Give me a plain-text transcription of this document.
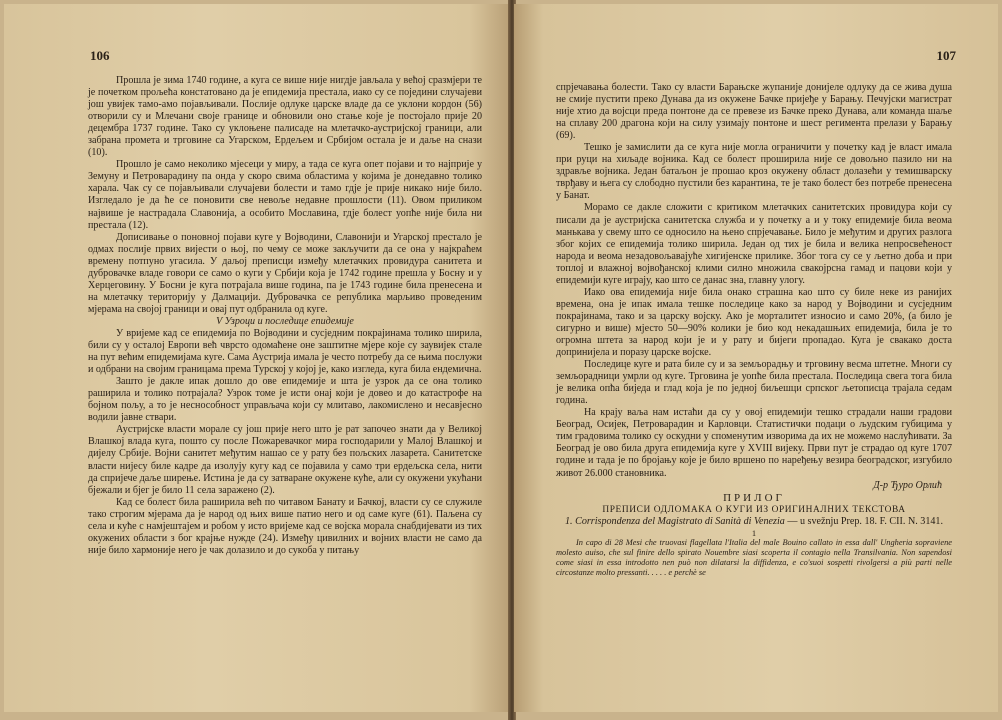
106

Прошла је зима 1740 године, а куга се више није нигдје јављала у већој сразмјери те је почетком прољећа констатовано да је епидемија престала, иако су се поједини случајеви још увијек тамо-амо појављивали. Послије одлуке царске владе да се уклони кордон (56) отворили су и Млечани своје границе и обновили оно стање које је постојало прије 20 децембра 1737 године. Тако су уклоњене палисаде на млетачко-аустријској граници, али забрана промета и трговине са Угарском, Ердељем и Србијом остала је и даље на снази (10).

Прошло је само неколико мјесеци у миру, а тада се куга опет појави и то најприје у Земуну и Петроварадину па онда у скоро свима областима у којима је донедавно толико харала. Чак су се појављивали случајеви болести и тамо гдје је прије никако није било. Изгледало је да ће се поновити све невоље недавне прошлости (11). Овом приликом највише је настрадала Славонија, а особито Мославина, гдје болест уопће није била ни престала (12).

Дописивање о поновној појави куге у Војводини, Славонији и Угарској престало је одмах послије првих вијести о њој, по чему се може закључити да се она у најкраћем времену потпуно угасила. У даљој преписци између млетачких провидура санитета и дубровачке владе говори се само о куги у Србији која је 1742 године прешла у Босну и у Херцеговину. У Босни је куга потрајала више година, па је 1743 године била пренесена и на млетачку територију у Далмацији. Дубровачка се република марљиво проведеним мјерама на својој граници и овај пут одбранила од куге.

V Узроци и последице епидемије

У вријеме кад се епидемија по Војводини и сусједним покрајинама толико ширила, били су у осталој Европи већ чврсто одомаћене оне заштитне мјере које су заувијек стале на пут већим епидемијама куге. Сама Аустрија имала је често потребу да се њима послужи и одбрани на својим границама према Турској у којој је, како изгледа, куга била ендемична.

Зашто је дакле ипак дошло до ове епидемије и шта је узрок да се она толико раширила и толико потрајала? Узрок томе је исти онај који је довео и до катастрофе на бојном пољу, а то је неснособност управљача који су млитаво, лакомислено и несавјесно водили јавне ствари.

Аустријске власти морале су још прије него што је рат започео знати да у Великој Влашкој влада куга, пошто су после Пожаревачког мира господарили у Малој Влашкој и дијелу Србије. Војни санитет међутим нашао се у рату без пољских лазарета. Санитетске власти нијесу биле кадре да изолују кугу кад се појавила у само три ердељска села, нити да спријече даље ширење. Истина је да су затваране окужене куће, али су окужени укућани бјежали и бјег је било 11 села заражено (2).

Кад се болест била раширила већ по читавом Банату и Бачкој, власти су се служиле тако строгим мјерама да је народ од њих више патио него и од саме куге (61). Паљена су села и куће с намјештајем и робом у исто вријеме кад се војска морала снабдијевати из тих окужених области з бог крајње нужде (24). Између цивилних и војних власти не само да није било хармоније него је чак долазило и до сукоба у питању

107

спрјечавања болести. Тако су власти Барањске жупаније донијеле одлуку да се жива душа не смије пустити преко Дунава да из окужене Бачке пријеђе у Барању. Печујски магистрат није хтио да војсци преда понтоне да се превезе из Бачке преко Дунава, али команда шаље на сплаву 200 драгона који на силу узимају понтоне и шест регимента прелази у Барању (69).

Тешко је замислити да се куга није могла ограничити у почетку кад је власт имала при руци на хиљаде војника. Кад се болест проширила није се довољно пазило ни на здравље војника. Један батаљон је прошао кроз окужену област долазећи у темишварску тврђаву и њега су слободно пустили без карантина, те је тако болест без потребе пренесена у Банат.

Морамо се дакле сложити с критиком млетачких санитетских провидура који су писали да је аустријска санитетска служба и у почетку а и у току епидемије била веома манькава у свему што се односило на њено спрјечавање. Било је међутим и других разлога због којих се епидемија толико ширила. Један од тих је била и велика непросвећеност народа и веома незадовољавајуће хигијенске прилике. Због тога су се у љетно доба и при топлој и влажној војвођанској клими силно множила свакојрсна гамад и пацови који у епидемији куге играју, као што се данас зна, главну улогу.

Иако ова епидемија није била онако страшна као што су биле неке из ранијих времена, она је ипак имала тешке последице како за народ у Војводини и сусједним покрајинама, тако и за царску војску. Ако је морталитет износио и само 20%, (а било је сигурно и више) мјесто 50—90% колики је био код некадашњих епидемија, била је то огромна штета за народ који је и у рату и бијеги пропадао. Куга је свакако доста допринијела и поразу царске војске.

Последице куге и рата биле су и за земљорадњу и трговину весма штетне. Многи су земљорадници умрли од куге. Трговина је уопће била престала. Последица свега тога била је велика опћа биједа и глад која је по једној биљешци српског љетописца трајала седам година.

На крају ваља нам истаћи да су у овој епидемији тешко страдали наши градови Београд, Осијек, Петроварадин и Карловци. Статистички подаци о људским губицима у тим градовима толико су оскудни у споменутим изворима да их не можемо наслућивати. За Београд је ово била друга епидемија куге у XVIII вијеку. Први пут је страдао од куге 1707 године и тада је по бројању које је било вршено по наређењу везира београдског, изгубило живот 26.000 становника.

Д-р Ђуро Орлић

ПРИЛОГ

ПРЕПИСИ ОДЛОМАКА О КУГИ ИЗ ОРИГИНАЛНИХ ТЕКСТОВА

1. Corrispondenza del Magistrato di Sanità di Venezia — u svežnju Prep. 18. F. CII. N. 3141.

1

In capo di 28 Mesi che truovasi flagellata l'Italia del male Bouino callato in essa dall' Ungheria sopraviene molesto auiso, che sul finire dello spirato Nouembre siasi scoperta il contagio nella Transilvania. Non sapendosi come siasi in essa introdotto nen può non dilatarsi la diffidenza, e co'suoi sospetti rivolgersi a più parti nelle circostanze molto pressanti. . . . . e perchè se
